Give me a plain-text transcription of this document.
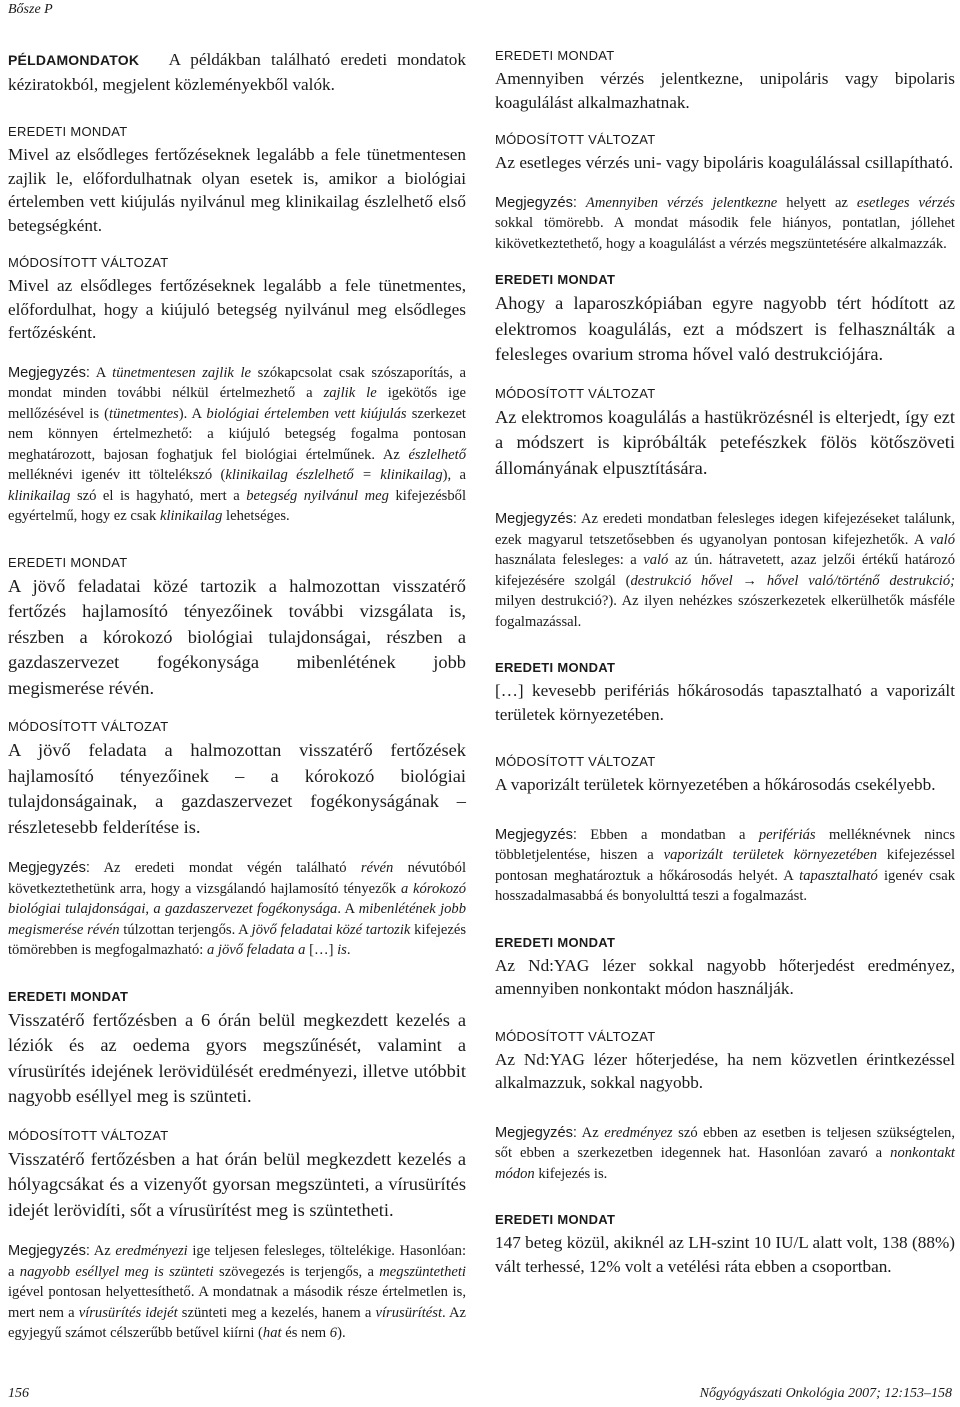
Bősze P

PÉLDAMONDATOK A példákban található eredeti mondatok kéziratokból, megjelent közleményekből valók.

EREDETI MONDAT

Mivel az elsődleges fertőzéseknek legalább a fele tünetmentesen zajlik le, előfordulhatnak olyan esetek is, amikor a biológiai értelemben vett kiújulás nyilvánul meg klinikailag észlelhető első betegségként.

MÓDOSÍTOTT VÁLTOZAT

Mivel az elsődleges fertőzéseknek legalább a fele tünetmentes, előfordulhat, hogy a kiújuló betegség nyilvánul meg elsődleges fertőzésként.

Megjegyzés: A tünetmentesen zajlik le szókapcsolat csak szószaporítás, a mondat minden további nélkül értelmezhető a zajlik le igekötős ige mellőzésével is (tünetmentes). A biológiai értelemben vett kiújulás szerkezet nem könnyen értelmezhető: a kiújuló betegség fogalma pontosan meghatározott, bajosan foghatjuk fel biológiai értelműnek. Az észlelhető melléknévi igenév itt töltelékszó (klinikailag észlelhető = klinikailag), a klinikailag szó el is hagyható, mert a betegség nyilvánul meg kifejezésből egyértelmű, hogy ez csak klinikailag lehetséges.

EREDETI MONDAT

A jövő feladatai közé tartozik a halmozottan visszatérő fertőzés hajlamosító tényezőinek további vizsgálata is, részben a kórokozó biológiai tulajdonságai, részben a gazdaszervezet fogékonysága mibenlétének jobb megismerése révén.

MÓDOSÍTOTT VÁLTOZAT

A jövő feladata a halmozottan visszatérő fertőzések hajlamosító tényezőinek – a kórokozó biológiai tulajdonságainak, a gazdaszervezet fogékonyságának – részletesebb felderítése is.

Megjegyzés: Az eredeti mondat végén található révén névutóból következtethetünk arra, hogy a vizsgálandó hajlamosító tényezők a kórokozó biológiai tulajdonságai, a gazdaszervezet fogékonysága. A mibenlétének jobb megismerése révén túlzottan terjengős. A jövő feladatai közé tartozik kifejezés tömörebben is megfogalmazható: a jövő feladata a […] is.

EREDETI MONDAT

Visszatérő fertőzésben a 6 órán belül megkezdett kezelés a léziók és az oedema gyors megszűnését, valamint a vírusürítés idejének lerövidülését eredményezi, illetve utóbbit nagyobb eséllyel meg is szünteti.

MÓDOSÍTOTT VÁLTOZAT

Visszatérő fertőzésben a hat órán belül megkezdett kezelés a hólyagcsákat és a vizenyőt gyorsan megszünteti, a vírusürítés idejét lerövidíti, sőt a vírusürítést meg is szüntetheti.

Megjegyzés: Az eredményezi ige teljesen felesleges, töltelékige. Hasonlóan: a nagyobb eséllyel meg is szünteti szövegezés is terjengős, a megszüntetheti igével pontosan helyettesíthető. A mondatnak a második része értelmetlen is, mert nem a vírusürítés idejét szünteti meg a kezelés, hanem a vírusürítést. Az egyjegyű számot célszerűbb betűvel kiírni (hat és nem 6).

EREDETI MONDAT

Amennyiben vérzés jelentkezne, unipoláris vagy bipolaris koagulálást alkalmazhatnak.

MÓDOSÍTOTT VÁLTOZAT

Az esetleges vérzés uni- vagy bipoláris koagulálással csillapítható.

Megjegyzés: Amennyiben vérzés jelentkezne helyett az esetleges vérzés sokkal tömörebb. A mondat második fele hiányos, pontatlan, jóllehet kikövetkeztethető, hogy a koagulálást a vérzés megszüntetésére alkalmazzák.

EREDETI MONDAT

Ahogy a laparoszkópiában egyre nagyobb tért hódított az elektromos koagulálás, ezt a módszert is felhasználták a felesleges ovarium stroma hővel való destrukciójára.

MÓDOSÍTOTT VÁLTOZAT

Az elektromos koagulálás a hastükrözésnél is elterjedt, így ezt a módszert is kipróbálták petefészkek fölös kötőszöveti állományának elpusztítására.

Megjegyzés: Az eredeti mondatban felesleges idegen kifejezéseket találunk, ezek magyarul tetszetősebben és ugyanolyan pontosan kifejezhetők. A való használata felesleges: a való az ún. hátravetett, azaz jelzői értékű határozó kifejezésére szolgál (destrukció hővel → hővel való/történő destrukció; milyen destrukció?). Az ilyen nehézkes szószerkezetek elkerülhetők másféle fogalmazással.

EREDETI MONDAT

[…] kevesebb perifériás hőkárosodás tapasztalható a vaporizált területek környezetében.

MÓDOSÍTOTT VÁLTOZAT

A vaporizált területek környezetében a hőkárosodás csekélyebb.

Megjegyzés: Ebben a mondatban a perifériás melléknévnek nincs többletjelentése, hiszen a vaporizált területek környezetében kifejezéssel pontosan meghatároztuk a hőkárosodás helyét. A tapasztalható igenév csak hosszadalmasabbá és bonyolulttá teszi a fogalmazást.

EREDETI MONDAT

Az Nd:YAG lézer sokkal nagyobb hőterjedést eredményez, amennyiben nonkontakt módon használják.

MÓDOSÍTOTT VÁLTOZAT

Az Nd:YAG lézer hőterjedése, ha nem közvetlen érintkezéssel alkalmazzuk, sokkal nagyobb.

Megjegyzés: Az eredményez szó ebben az esetben is teljesen szükségtelen, sőt ebben a szerkezetben idegennek hat. Hasonlóan zavaró a nonkontakt módon kifejezés is.

EREDETI MONDAT

147 beteg közül, akiknél az LH-szint 10 IU/L alatt volt, 138 (88%) vált terhessé, 12% volt a vetélési ráta ebben a csoportban.

156	Nőgyógyászati Onkológia 2007; 12:153–158
